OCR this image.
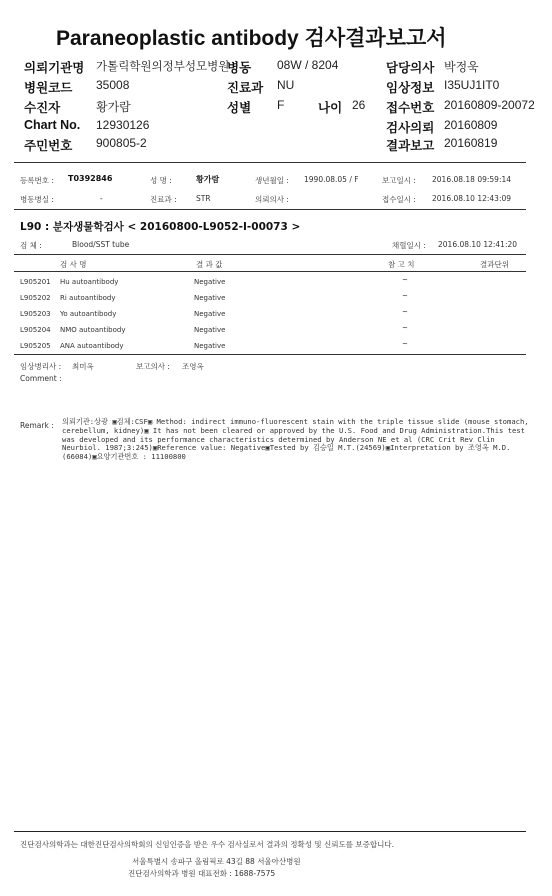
Paraneoplastic antibody 검사결과보고서
의뢰기관명 가톨릭학원의정부성모병원
병동 08W / 8204	담당의사 박정욱
병원코드 35008	진료과 NU	임상정보 I35UJ1IT0
수진자	황가람	성별 F	나이 26 접수번호 20160809-20072
Chart No. 12930126	검사의뢰 20160809
주민번호 900805-2	결과보고 20160819
등록번호 : T0392846	성 명 :	황가람	생년월일 : 1990.08.05 / F	보고일시 : 2016.08.18 09:59:14
병동병실 :	-	진료과 :	STR	의뢰의사 :	접수일시 : 2016.08.10 12:43:09
L90 : 분자생물학검사 < 20160800-L9052-I-00073 >
검 체 :	Blood/SST tube	채혈일시 : 2016.08.10 12:41:20
검 사 명	결 과 값	참 고 치	결과단위
L905201 Hu autoantibody	Negative	~
L905202 Ri autoantibody	Negative	~
L905203 Yo autoantibody	Negative	~
L905204 NMO autoantibody	Negative	~
L905205 ANA autoantibody	Negative	~
임상병리사 : 최미옥	보고의사 : 조영옥
Comment :
Remark : 의뢰기관:상광 ▣검체:CSF▣ Method: indirect immuno-fluorescent stain with the triple tissue slide (mouse stomach, cerebellum, kidney)▣ It has not been cleared or approved by the U.S. Food and Drug Administration.This test was developed and its performance characteristics determined by Anderson NE et al (CRC Crit Rev Clin Neurbiol. 1987;3:245)▣Reference value: Negative▣Tested by 김승일 M.T.(24569)▣Interpretation by 조영옥 M.D.(66084)▣요양기관번호 : 11100800
진단검사의학과는 대한진단검사의학회의 신임인증을 받은 우수 검사실로서 결과의 정확성 및 신뢰도를 보증합니다.
서울특별시 송파구 올림픽로 43길 88 서울아산병원
진단검사의학과 병원 대표전화 : 1688-7575
